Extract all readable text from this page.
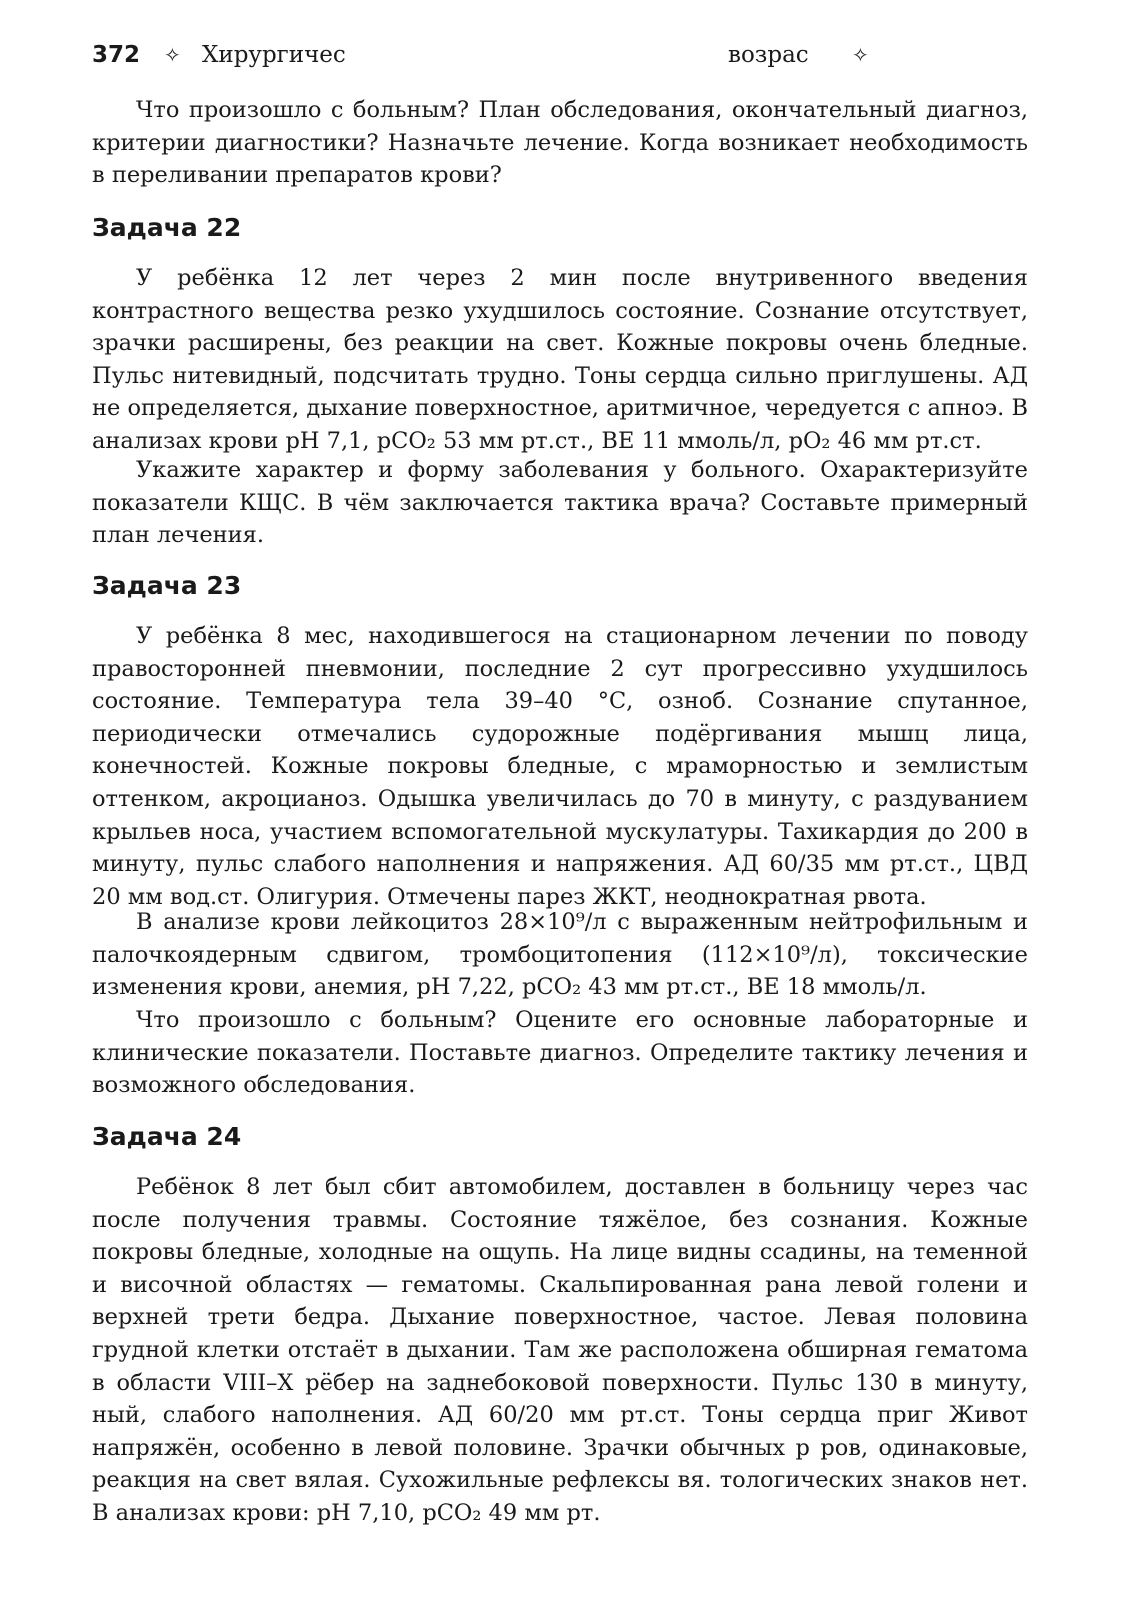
372 ✧ Хирургичес	возрас ✧

Что произошло с больным? План обследования, окончательный диагноз, критерии диагностики? Назначьте лечение. Когда возникает необходимость в переливании препаратов крови?

Задача 22

У ребёнка 12 лет через 2 мин после внутривенного введения контрастного вещества резко ухудшилось состояние. Сознание отсутствует, зрачки расширены, без реакции на свет. Кожные покровы очень бледные. Пульс нитевидный, подсчитать трудно. Тоны сердца сильно приглушены. АД не определяется, дыхание поверхностное, аритмичное, чередуется с апноэ. В анализах крови pH 7,1, pCO₂ 53 мм рт.ст., BE 11 ммоль/л, pO₂ 46 мм рт.ст.

Укажите характер и форму заболевания у больного. Охарактеризуйте показатели КЩС. В чём заключается тактика врача? Составьте примерный план лечения.

Задача 23

У ребёнка 8 мес, находившегося на стационарном лечении по поводу правосторонней пневмонии, последние 2 сут прогрессивно ухудшилось состояние. Температура тела 39–40 °С, озноб. Сознание спутанное, периодически отмечались судорожные подёргивания мышц лица, конечностей. Кожные покровы бледные, с мраморностью и землистым оттенком, акроцианоз. Одышка увеличилась до 70 в минуту, с раздуванием крыльев носа, участием вспомогательной мускулатуры. Тахикардия до 200 в минуту, пульс слабого наполнения и напряжения. АД 60/35 мм рт.ст., ЦВД 20 мм вод.ст. Олигурия. Отмечены парез ЖКТ, неоднократная рвота.

В анализе крови лейкоцитоз 28×10⁹/л с выраженным нейтрофильным и палочкоядерным сдвигом, тромбоцитопения (112×10⁹/л), токсические изменения крови, анемия, pH 7,22, pCO₂ 43 мм рт.ст., BE 18 ммоль/л.

Что произошло с больным? Оцените его основные лабораторные и клинические показатели. Поставьте диагноз. Определите тактику лечения и возможного обследования.

Задача 24

Ребёнок 8 лет был сбит автомобилем, доставлен в больницу через час после получения травмы. Состояние тяжёлое, без сознания. Кожные покровы бледные, холодные на ощупь. На лице видны ссадины, на теменной и височной областях — гематомы. Скальпированная рана левой голени и верхней трети бедра. Дыхание поверхностное, частое. Левая половина грудной клетки отстаёт в дыхании. Там же расположена обширная гематома в области VIII–X рёбер на заднебоковой поверхности. Пульс 130 в минуту, ный, слабого наполнения. АД 60/20 мм рт.ст. Тоны сердца приг Живот напряжён, особенно в левой половине. Зрачки обычных р ров, одинаковые, реакция на свет вялая. Сухожильные рефлексы вя. тологических знаков нет. В анализах крови: pH 7,10, pCO₂ 49 мм рт.
